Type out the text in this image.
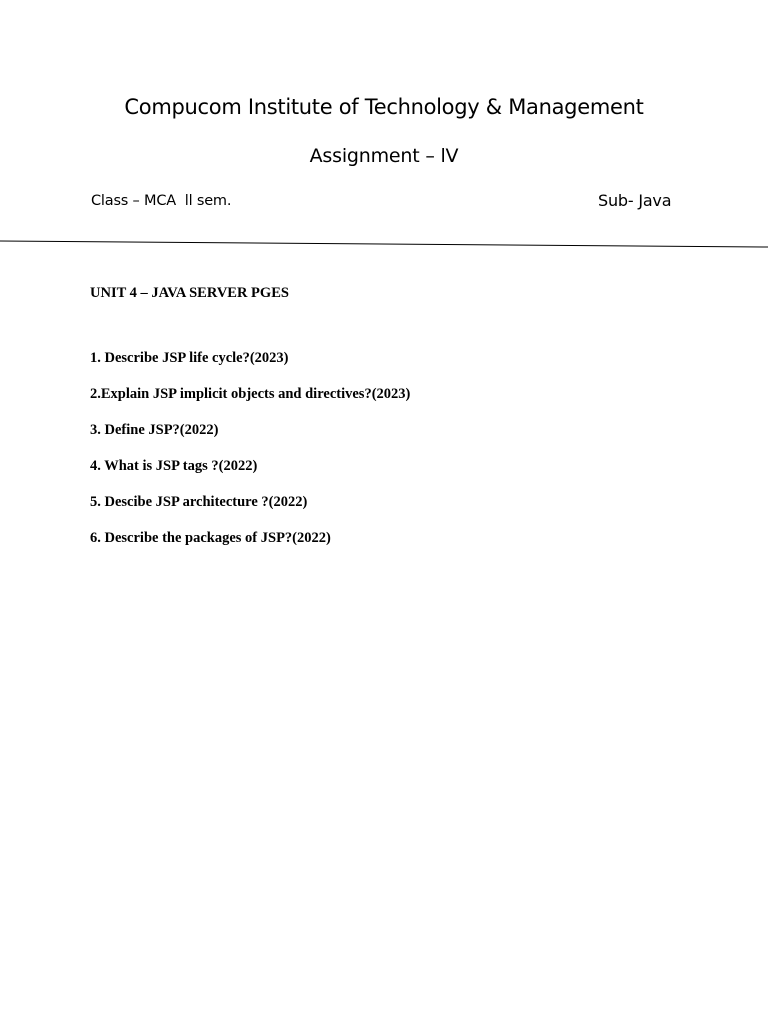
Compucom Institute of Technology & Management
Assignment – lV
Class – MCA  ll sem.	Sub- Java
UNIT 4 – JAVA SERVER PGES
1. Describe JSP life cycle?(2023)
2.Explain JSP implicit objects and directives?(2023)
3. Define JSP?(2022)
4. What is JSP tags ?(2022)
5. Descibe JSP architecture ?(2022)
6. Describe the packages of JSP?(2022)
